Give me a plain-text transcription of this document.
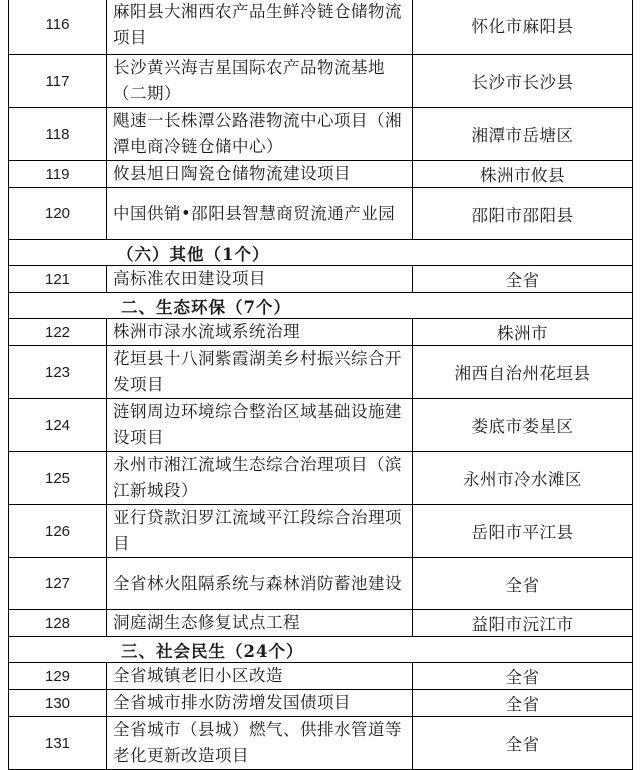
116	麻阳县大湘西农产品生鲜冷链仓储物流项目	怀化市麻阳县
117	长沙黄兴海吉星国际农产品物流基地（二期）	长沙市长沙县
118	飓速一长株潭公路港物流中心项目（湘潭电商冷链仓储中心）	湘潭市岳塘区
119	攸县旭日陶瓷仓储物流建设项目	株洲市攸县
120	中国供销•邵阳县智慧商贸流通产业园	邵阳市邵阳县
（六）其他（1个）		
121	高标准农田建设项目	全省
二、生态环保（7个）		
122	株洲市渌水流域系统治理	株洲市
123	花垣县十八洞紫霞湖美乡村振兴综合开发项目	湘西自治州花垣县
124	涟钢周边环境综合整治区域基础设施建设项目	娄底市娄星区
125	永州市湘江流域生态综合治理项目（滨江新城段）	永州市冷水滩区
126	亚行贷款汨罗江流域平江段综合治理项目	岳阳市平江县
127	全省林火阻隔系统与森林消防蓄池建设	全省
128	洞庭湖生态修复试点工程	益阳市沅江市
三、社会民生（24个）		
129	全省城镇老旧小区改造	全省
130	全省城市排水防涝增发国债项目	全省
131	全省城市（县城）燃气、供排水管道等老化更新改造项目	全省
